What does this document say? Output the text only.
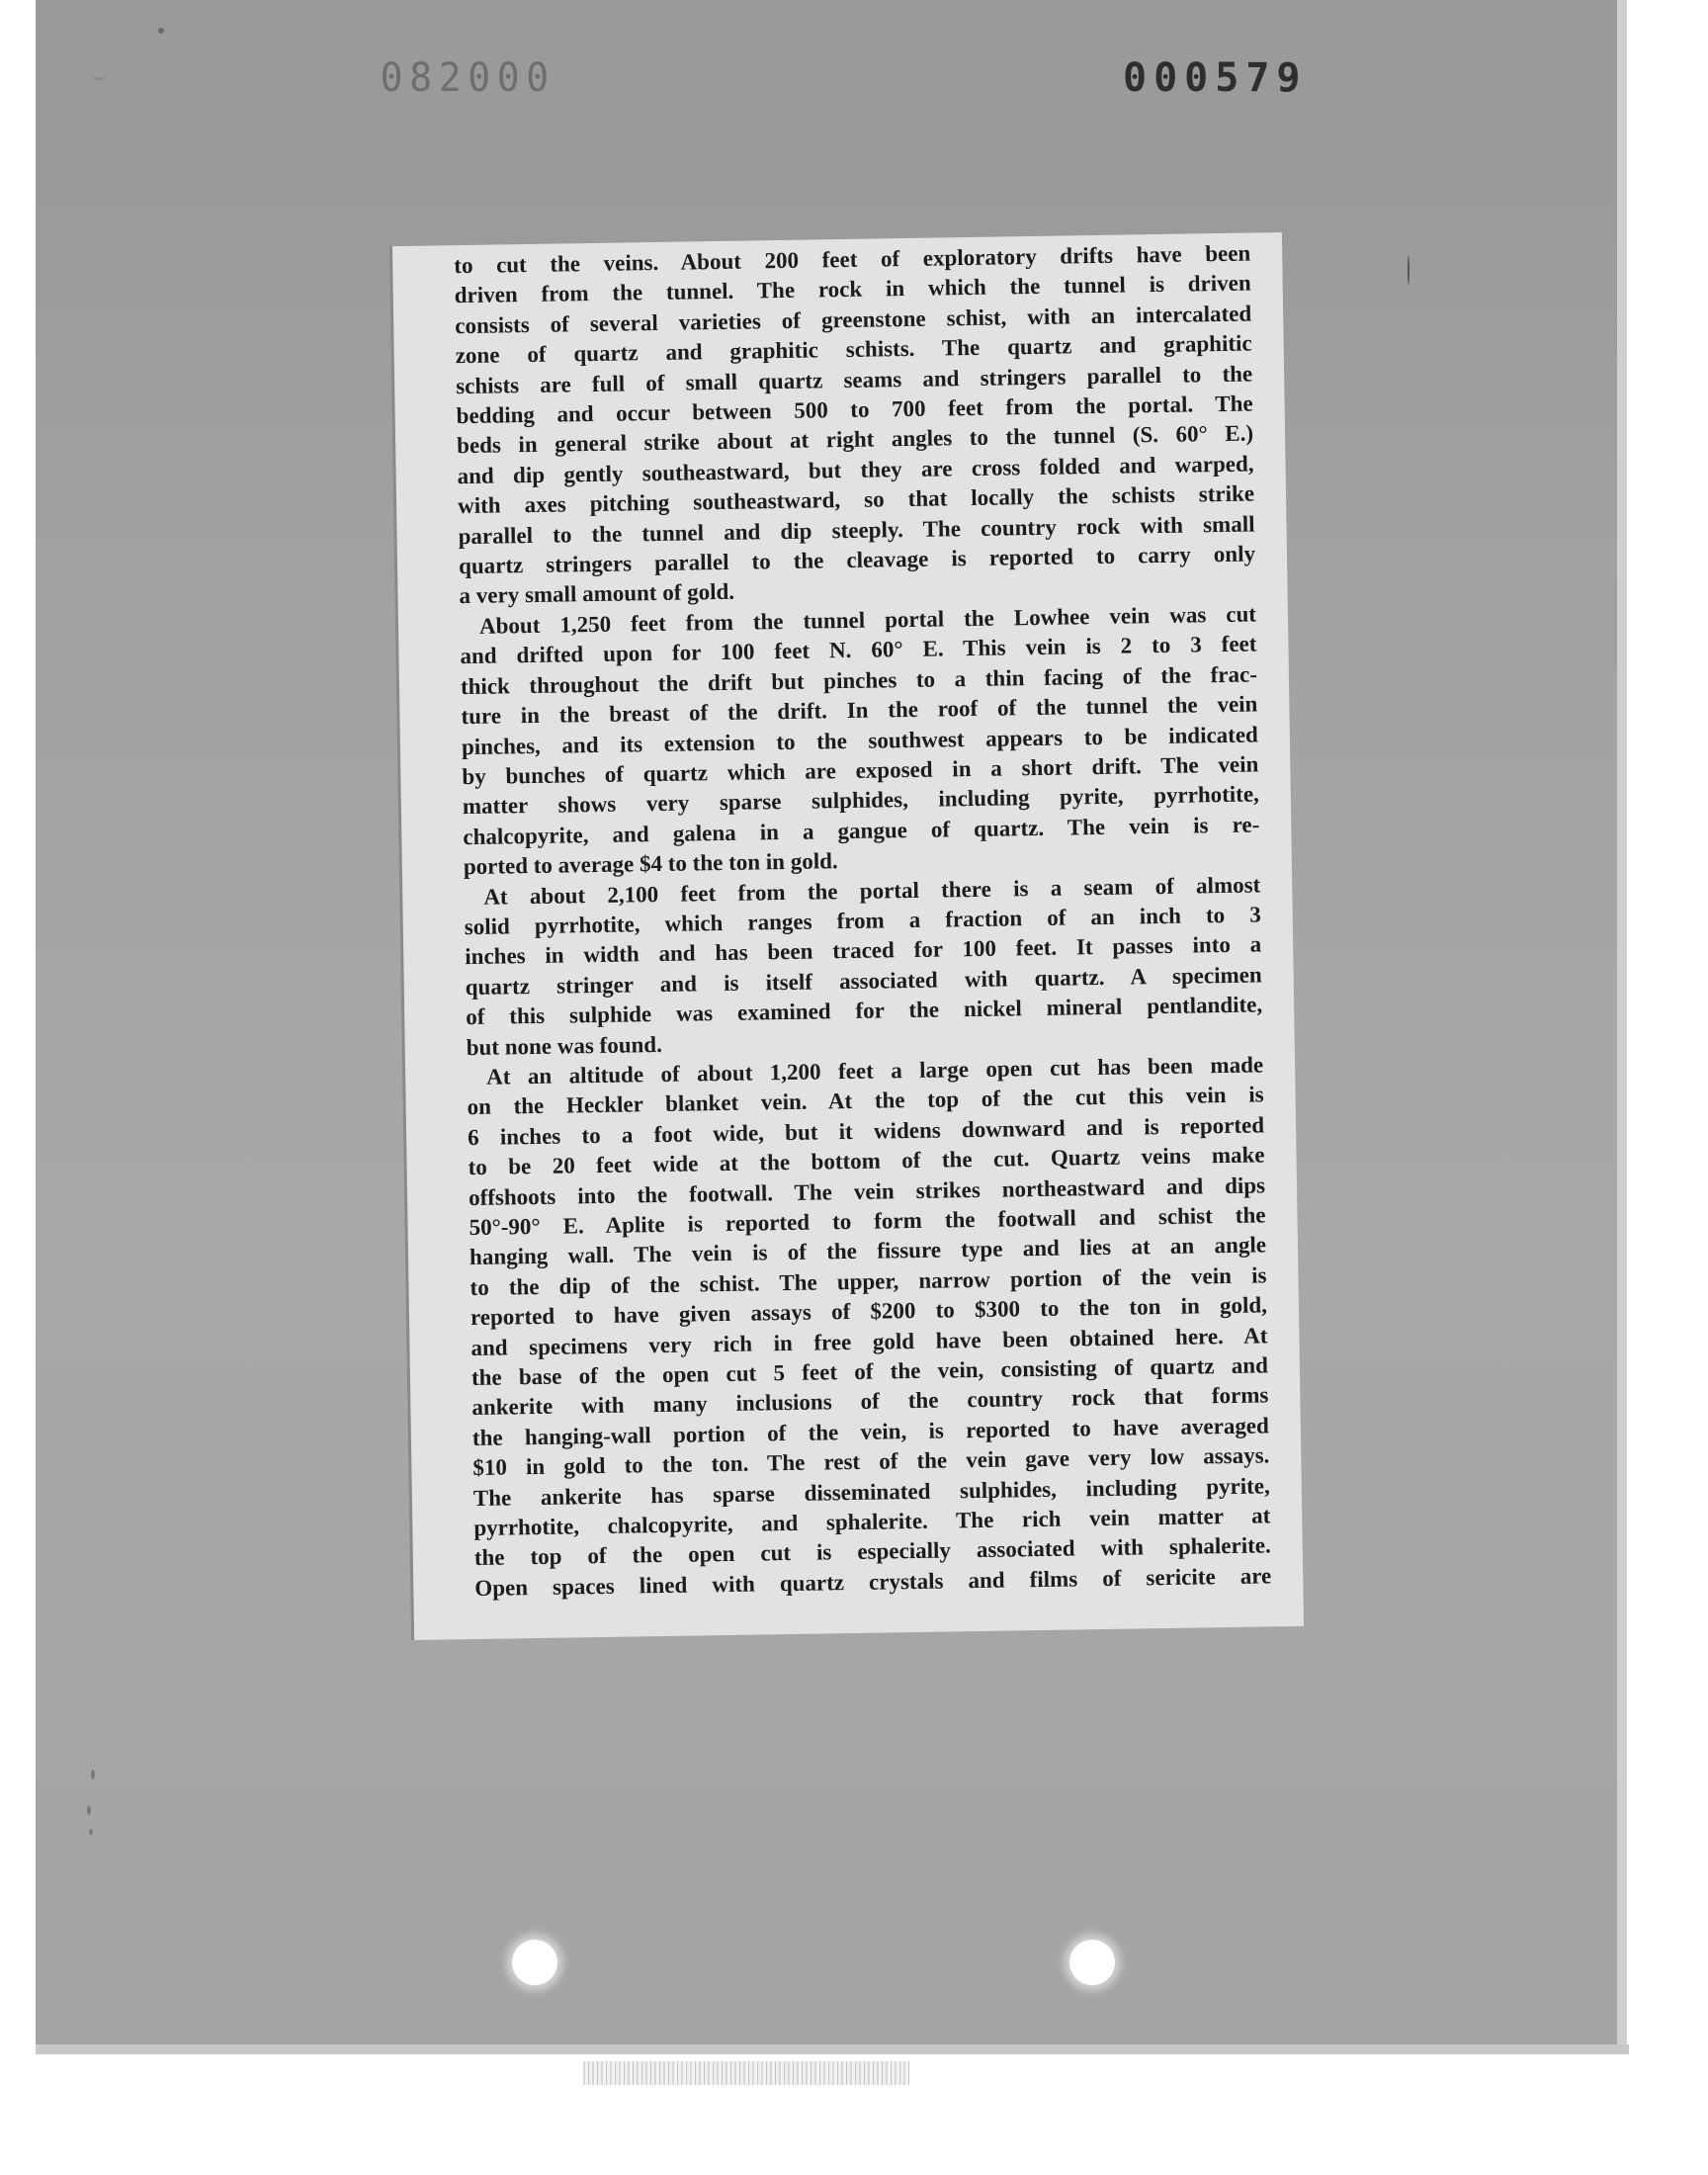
082000	000579
to cut the veins. About 200 feet of exploratory drifts have been
driven from the tunnel. The rock in which the tunnel is driven
consists of several varieties of greenstone schist, with an intercalated
zone of quartz and graphitic schists. The quartz and graphitic
schists are full of small quartz seams and stringers parallel to the
bedding and occur between 500 to 700 feet from the portal. The
beds in general strike about at right angles to the tunnel (S. 60° E.)
and dip gently southeastward, but they are cross folded and warped,
with axes pitching southeastward, so that locally the schists strike
parallel to the tunnel and dip steeply. The country rock with small
quartz stringers parallel to the cleavage is reported to carry only
a very small amount of gold.
About 1,250 feet from the tunnel portal the Lowhee vein was cut
and drifted upon for 100 feet N. 60° E. This vein is 2 to 3 feet
thick throughout the drift but pinches to a thin facing of the frac-
ture in the breast of the drift. In the roof of the tunnel the vein
pinches, and its extension to the southwest appears to be indicated
by bunches of quartz which are exposed in a short drift. The vein
matter shows very sparse sulphides, including pyrite, pyrrhotite,
chalcopyrite, and galena in a gangue of quartz. The vein is re-
ported to average $4 to the ton in gold.
At about 2,100 feet from the portal there is a seam of almost
solid pyrrhotite, which ranges from a fraction of an inch to 3
inches in width and has been traced for 100 feet. It passes into a
quartz stringer and is itself associated with quartz. A specimen
of this sulphide was examined for the nickel mineral pentlandite,
but none was found.
At an altitude of about 1,200 feet a large open cut has been made
on the Heckler blanket vein. At the top of the cut this vein is
6 inches to a foot wide, but it widens downward and is reported
to be 20 feet wide at the bottom of the cut. Quartz veins make
offshoots into the footwall. The vein strikes northeastward and dips
50°-90° E. Aplite is reported to form the footwall and schist the
hanging wall. The vein is of the fissure type and lies at an angle
to the dip of the schist. The upper, narrow portion of the vein is
reported to have given assays of $200 to $300 to the ton in gold,
and specimens very rich in free gold have been obtained here. At
the base of the open cut 5 feet of the vein, consisting of quartz and
ankerite with many inclusions of the country rock that forms
the hanging-wall portion of the vein, is reported to have averaged
$10 in gold to the ton. The rest of the vein gave very low assays.
The ankerite has sparse disseminated sulphides, including pyrite,
pyrrhotite, chalcopyrite, and sphalerite. The rich vein matter at
the top of the open cut is especially associated with sphalerite.
Open spaces lined with quartz crystals and films of sericite are
